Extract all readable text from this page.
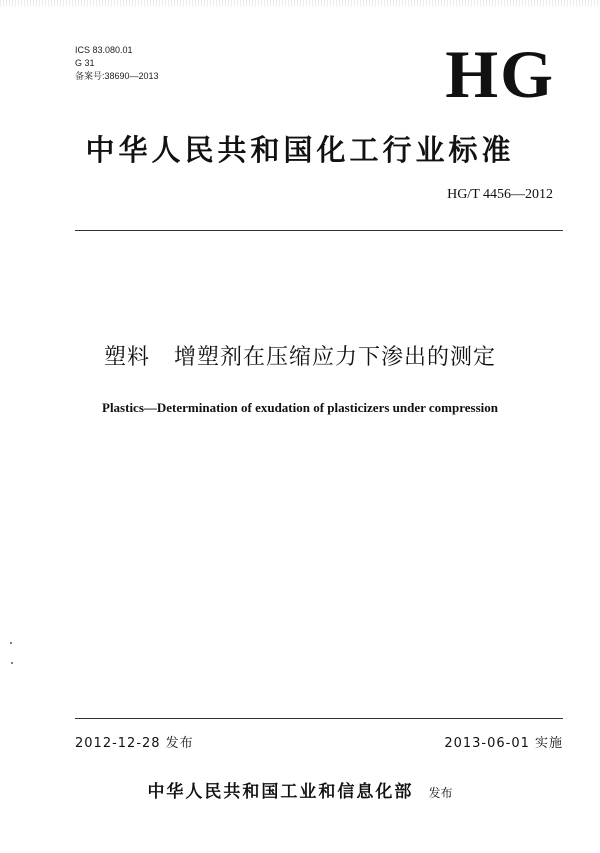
ICS 83.080.01
G 31
备案号:38690—2013	HG
中华人民共和国化工行业标准
HG/T 4456—2012
塑料   增塑剂在压缩应力下渗出的测定
Plastics—Determination of exudation of plasticizers under compression
2012-12-28 发布	2013-06-01 实施
中华人民共和国工业和信息化部 发布
